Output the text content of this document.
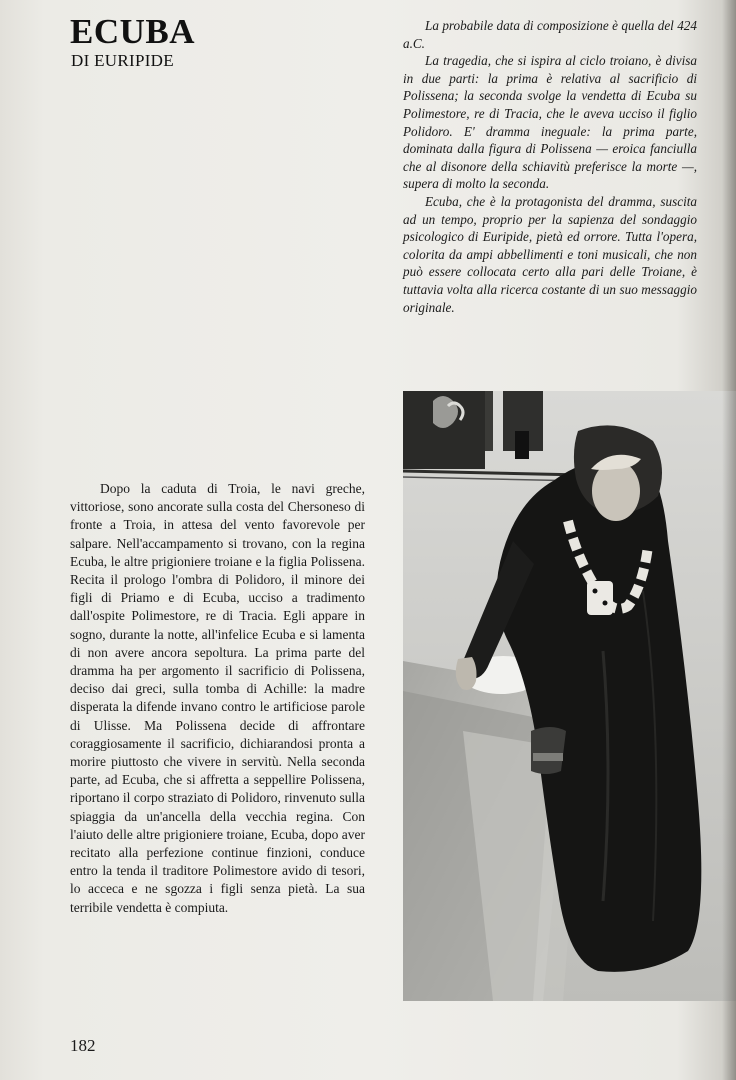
ECUBA
DI EURIPIDE

La probabile data di composizione è quella del 424 a.C.

La tragedia, che si ispira al ciclo troiano, è divisa in due parti: la prima è relativa al sacrificio di Polissena; la seconda svolge la vendetta di Ecuba su Polimestore, re di Tracia, che le aveva ucciso il figlio Polidoro. E' dramma ineguale: la prima parte, dominata dalla figura di Polissena — eroica fanciulla che al disonore della schiavitù preferisce la morte —, supera di molto la seconda.

Ecuba, che è la protagonista del dramma, suscita ad un tempo, proprio per la sapienza del sondaggio psicologico di Euripide, pietà ed orrore. Tutta l'opera, colorita da ampi abbellimenti e toni musicali, che non può essere collocata certo alla pari delle Troiane, è tuttavia volta alla ricerca costante di un suo messaggio originale.

Dopo la caduta di Troia, le navi greche, vittoriose, sono ancorate sulla costa del Chersoneso di fronte a Troia, in attesa del vento favorevole per salpare. Nell'accampamento si trovano, con la regina Ecuba, le altre prigioniere troiane e la figlia Polissena. Recita il prologo l'ombra di Polidoro, il minore dei figli di Priamo e di Ecuba, ucciso a tradimento dall'ospite Polimestore, re di Tracia. Egli appare in sogno, durante la notte, all'infelice Ecuba e si lamenta di non avere ancora sepoltura. La prima parte del dramma ha per argomento il sacrificio di Polissena, deciso dai greci, sulla tomba di Achille: la madre disperata la difende invano contro le artificiose parole di Ulisse. Ma Polissena decide di affrontare coraggiosamente il sacrificio, dichiarandosi pronta a morire piuttosto che vivere in servitù. Nella seconda parte, ad Ecuba, che si affretta a seppellire Polissena, riportano il corpo straziato di Polidoro, rinvenuto sulla spiaggia da un'ancella della vecchia regina. Con l'aiuto delle altre prigioniere troiane, Ecuba, dopo aver recitato alla perfezione continue finzioni, conduce entro la tenda il traditore Polimestore avido di tesori, lo acceca e ne sgozza i figli senza pietà. La sua terribile vendetta è compiuta.

182
